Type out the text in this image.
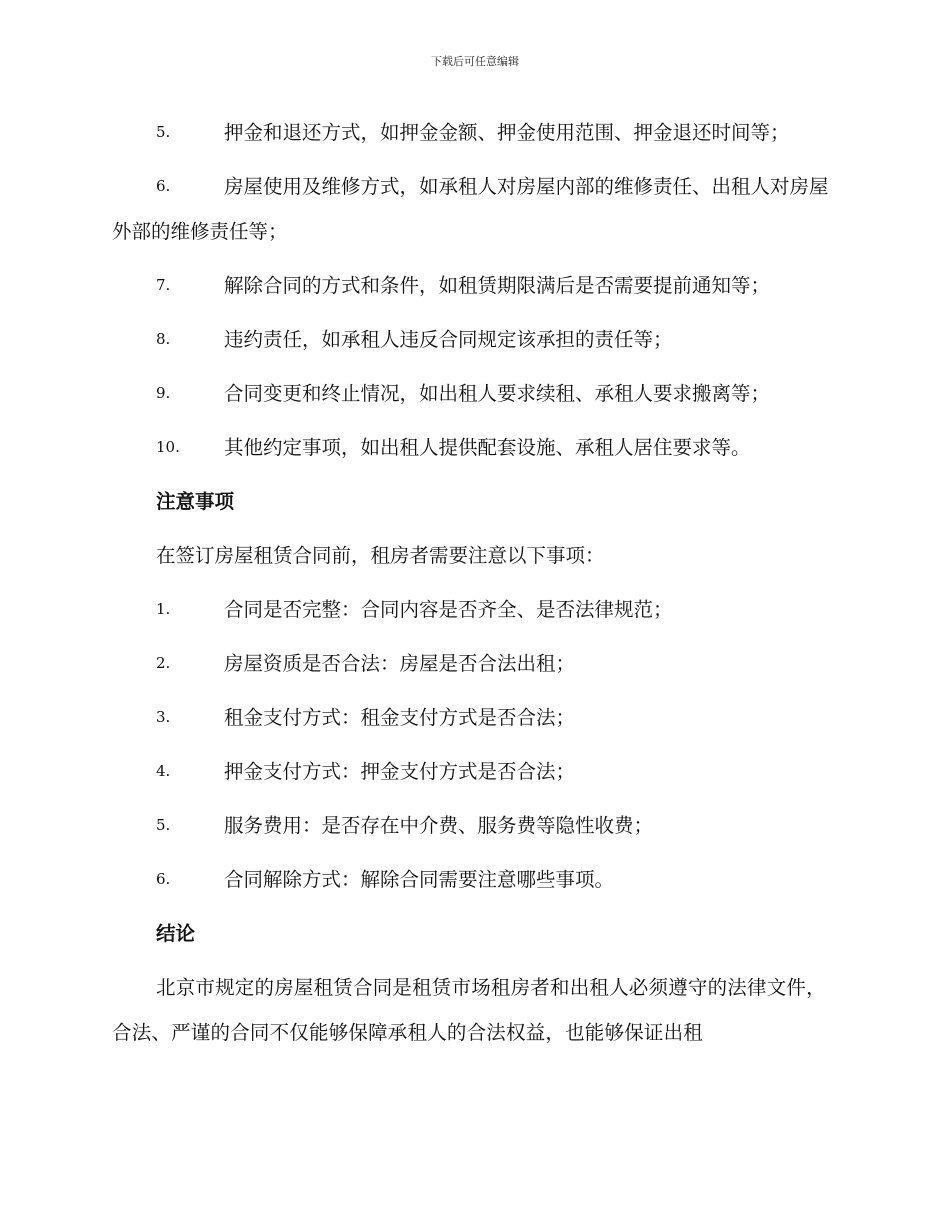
下载后可任意编辑
5.	押金和退还方式，如押金金额、押金使用范围、押金退还时间等；
6.	房屋使用及维修方式，如承租人对房屋内部的维修责任、出租人对房屋外部的维修责任等；
7.	解除合同的方式和条件，如租赁期限满后是否需要提前通知等；
8.	违约责任，如承租人违反合同规定该承担的责任等；
9.	合同变更和终止情况，如出租人要求续租、承租人要求搬离等；
10. 其他约定事项，如出租人提供配套设施、承租人居住要求等。
注意事项
在签订房屋租赁合同前，租房者需要注意以下事项：
1.	合同是否完整：合同内容是否齐全、是否法律规范；
2.	房屋资质是否合法：房屋是否合法出租；
3.	租金支付方式：租金支付方式是否合法；
4.	押金支付方式：押金支付方式是否合法；
5.	服务费用：是否存在中介费、服务费等隐性收费；
6.	合同解除方式：解除合同需要注意哪些事项。
结论
北京市规定的房屋租赁合同是租赁市场租房者和出租人必须遵守的法律文件，合法、严谨的合同不仅能够保障承租人的合法权益，也能够保证出租
